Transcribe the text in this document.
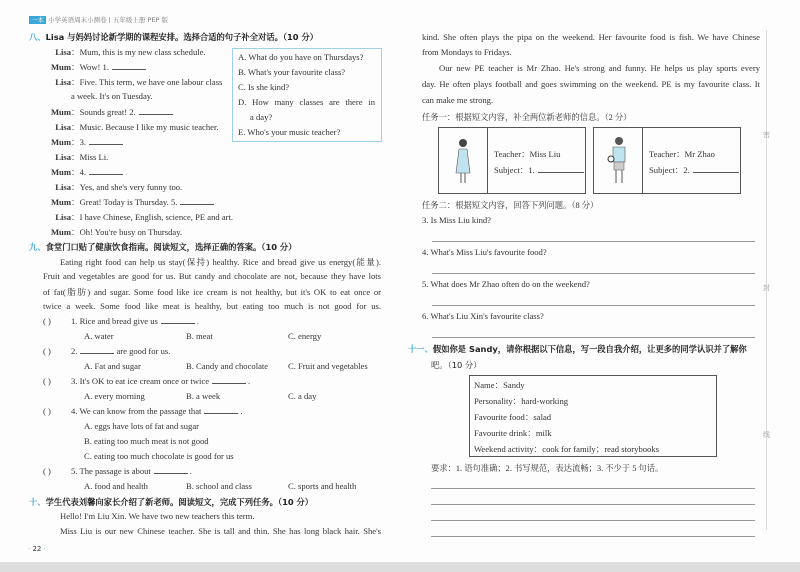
一本 小学英语周末小测卷 | 五年级上册 PEP 版
八、Lisa 与妈妈讨论新学期的课程安排。选择合适的句子补全对话。（10 分）
Lisa：Mum, this is my new class schedule.
Mum：Wow! 1.
Lisa：Five. This term, we have one labour class
a week. It's on Tuesday.
Mum：Sounds great! 2.
Lisa：Music. Because I like my music teacher.
Mum：3.
Lisa：Miss Li.
Mum：4.
Lisa：Yes, and she's very funny too.
Mum：Great! Today is Thursday. 5.
Lisa：I have Chinese, English, science, PE and art.
Mum：Oh! You're busy on Thursday.
A. What do you have on Thursdays?
B. What's your favourite class?
C. Is she kind?
D. How many classes are there in
a day?
E. Who's your music teacher?
九、食堂门口贴了健康饮食指南。阅读短文，选择正确的答案。（10 分）
Eating right food can help us stay(保持) healthy. Rice and bread give us energy(能量).
Fruit and vegetables are good for us. But candy and chocolate are not, because they have lots
of fat(脂肪) and sugar. Some food like ice cream is not healthy, but it's OK to eat once or
twice a week. Some food like meat is healthy, but eating too much is not good for us.
( ) 1. Rice and bread give us	.
A. water	B. meat	C. energy
( ) 2.	are good for us.
A. Fat and sugar	B. Candy and chocolate C. Fruit and vegetables
( ) 3. It's OK to eat ice cream once or twice	.
A. every morning	B. a week	C. a day
( ) 4. We can know from the passage that	.
A. eggs have lots of fat and sugar
B. eating too much meat is not good
C. eating too much chocolate is good for us
( ) 5. The passage is about	.
A. food and health	B. school and class	C. sports and health
十、学生代表刘馨向家长介绍了新老师。阅读短文，完成下列任务。（10 分）
Hello! I'm Liu Xin. We have two new teachers this term.
Miss Liu is our new Chinese teacher. She is tall and thin. She has long black hair. She's
kind. She often plays the pipa on the weekend. Her favourite food is fish. We have Chinese
from Mondays to Fridays.
Our new PE teacher is Mr Zhao. He's strong and funny. He helps us play sports every
day. He often plays football and goes swimming on the weekend. PE is my favourite class. It
can make me strong.
· 22 ·
任务一：根据短文内容，补全两位新老师的信息。（2 分）
Teacher：Miss Liu
Subject：1.
Teacher：Mr Zhao
Subject：2.
任务二：根据短文内容，回答下列问题。（8 分）
3. Is Miss Liu kind?
4. What's Miss Liu's favourite food?
5. What does Mr Zhao often do on the weekend?
6. What's Liu Xin's favourite class?
十一、假如你是 Sandy，请你根据以下信息，写一段自我介绍，让更多的同学认识并了解你
吧。（10 分）
Name：Sandy
Personality：hard-working
Favourite food：salad
Favourite drink：milk
Weekend activity：cook for family；read storybooks
要求：1. 语句准确；2. 书写规范，表达流畅；3. 不少于 5 句话。
密
封
线
